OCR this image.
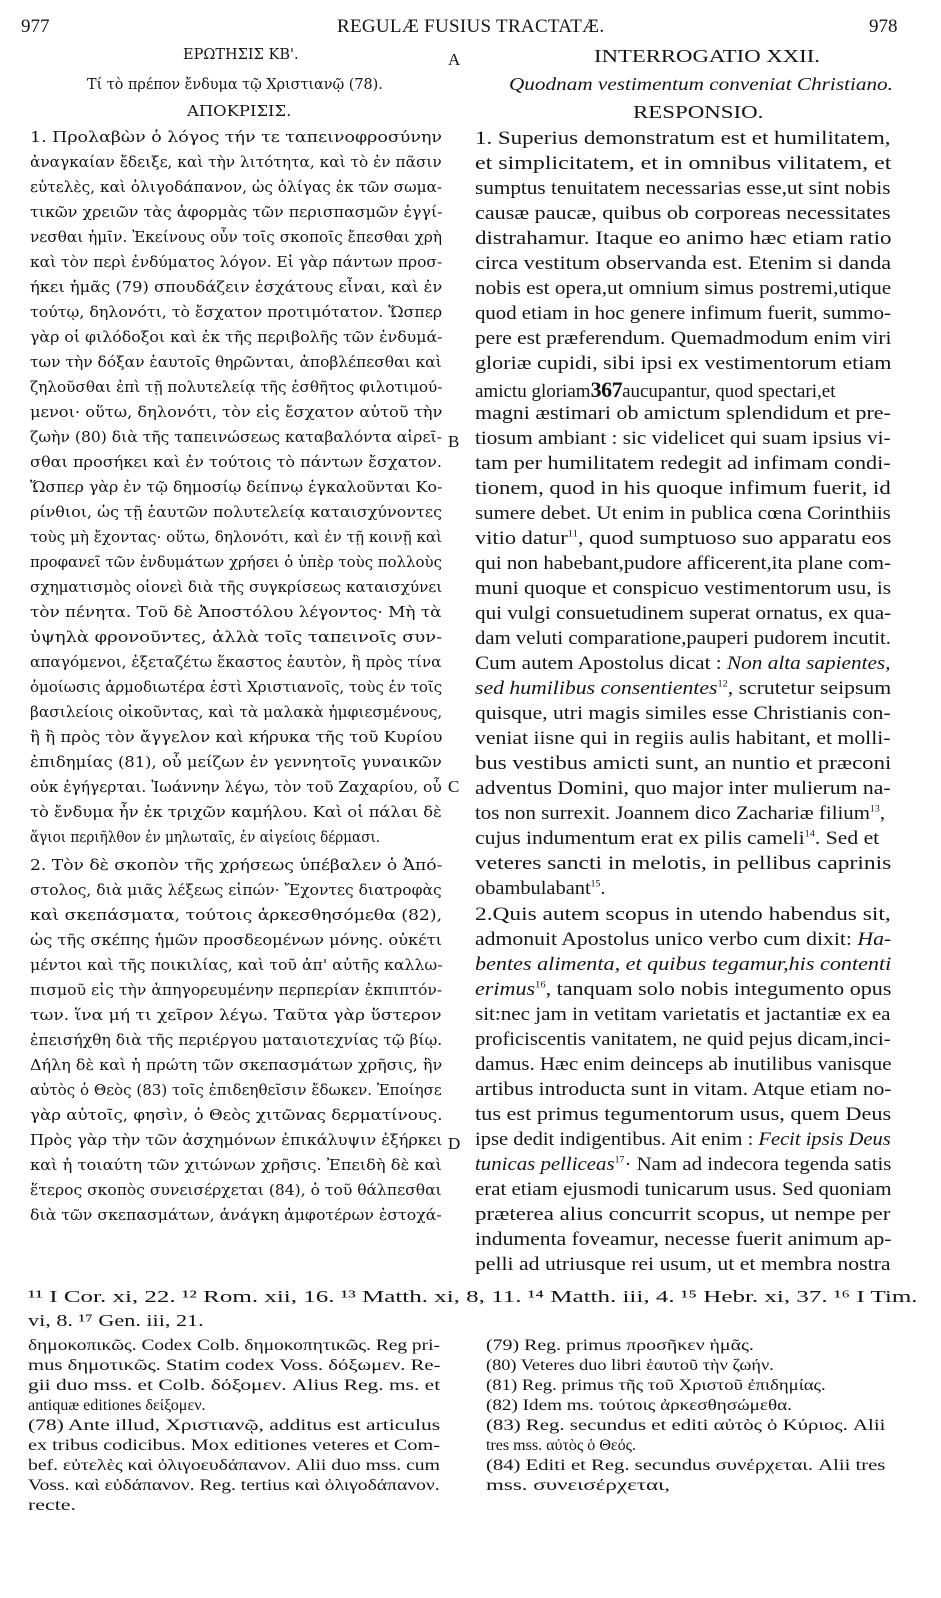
977	REGULÆ FUSIUS TRACTATÆ.	978
ΕΡΩΤΗΣΙΣ ΚΒ'.
Τί τὸ πρέπον ἔνδυμα τῷ Χριστιανῷ (78).
ΑΠΟΚΡΙΣΙΣ.
INTERROGATIO XXII.
Quodnam vestimentum conveniat Christiano.
RESPONSIO.
A
B
C
D
1. Προλαβὼν ὁ λόγος τήν τε ταπεινοφροσύνην
ἀναγκαίαν ἔδειξε, καὶ τὴν λιτότητα, καὶ τὸ ἐν πᾶσιν
εὐτελὲς, καὶ ὀλιγοδάπανον, ὡς ὀλίγας ἐκ τῶν σωμα-
τικῶν χρειῶν τὰς ἀφορμὰς τῶν περισπασμῶν ἐγγί-
νεσθαι ἡμῖν. Ἐκείνους οὖν τοῖς σκοποῖς ἔπεσθαι χρὴ
καὶ τὸν περὶ ἐνδύματος λόγον. Εἰ γὰρ πάντων προσ-
ήκει ἡμᾶς (79) σπουδάζειν ἐσχάτους εἶναι, καὶ ἐν
τούτῳ, δηλονότι, τὸ ἔσχατον προτιμότατον. Ὥσπερ
γὰρ οἱ φιλόδοξοι καὶ ἐκ τῆς περιβολῆς τῶν ἐνδυμά-
των τὴν δόξαν ἑαυτοῖς θηρῶνται, ἀποβλέπεσθαι καὶ
ζηλοῦσθαι ἐπὶ τῇ πολυτελείᾳ τῆς ἐσθῆτος φιλοτιμού-
μενοι· οὕτω, δηλονότι, τὸν εἰς ἔσχατον αὑτοῦ τὴν
ζωὴν (80) διὰ τῆς ταπεινώσεως καταβαλόντα αἱρεῖ-
σθαι προσήκει καὶ ἐν τούτοις τὸ πάντων ἔσχατον.
Ὥσπερ γὰρ ἐν τῷ δημοσίῳ δείπνῳ ἐγκαλοῦνται Κο-
ρίνθιοι, ὡς τῇ ἑαυτῶν πολυτελείᾳ καταισχύνοντες
τοὺς μὴ ἔχοντας· οὕτω, δηλονότι, καὶ ἐν τῇ κοινῇ καὶ
προφανεῖ τῶν ἐνδυμάτων χρήσει ὁ ὑπὲρ τοὺς πολλοὺς
σχηματισμὸς οἱονεὶ διὰ τῆς συγκρίσεως καταισχύνει
τὸν πένητα. Τοῦ δὲ Ἀποστόλου λέγοντος· Μὴ τὰ
ὑψηλὰ φρονοῦντες, ἀλλὰ τοῖς ταπεινοῖς συν-
απαγόμενοι, ἐξεταζέτω ἕκαστος ἑαυτὸν, ἢ πρὸς τίνα
ὁμοίωσις ἁρμοδιωτέρα ἐστὶ Χριστιανοῖς, τοὺς ἐν τοῖς
βασιλείοις οἰκοῦντας, καὶ τὰ μαλακὰ ἠμφιεσμένους,
ἢ ἢ πρὸς τὸν ἄγγελον καὶ κήρυκα τῆς τοῦ Κυρίου
ἐπιδημίας (81), οὗ μείζων ἐν γεννητοῖς γυναικῶν
οὐκ ἐγήγερται. Ἰωάννην λέγω, τὸν τοῦ Ζαχαρίου, οὗ
τὸ ἔνδυμα ἦν ἐκ τριχῶν καμήλου. Καὶ οἱ πάλαι δὲ
ἅγιοι περιῆλθον ἐν μηλωταῖς, ἐν αἰγείοις δέρμασι.
2. Τὸν δὲ σκοπὸν τῆς χρήσεως ὑπέβαλεν ὁ Ἀπό-
στολος, διὰ μιᾶς λέξεως εἰπών· Ἔχοντες διατροφὰς
καὶ σκεπάσματα, τούτοις ἀρκεσθησόμεθα (82),
ὡς τῆς σκέπης ἡμῶν προσδεομένων μόνης. οὐκέτι
μέντοι καὶ τῆς ποικιλίας, καὶ τοῦ ἀπ' αὐτῆς καλλω-
πισμοῦ εἰς τὴν ἀπηγορευμένην περπερίαν ἐκπιπτόν-
των. ἵνα μή τι χεῖρον λέγω. Ταῦτα γὰρ ὕστερον
ἐπεισήχθη διὰ τῆς περιέργου ματαιοτεχνίας τῷ βίῳ.
Δήλη δὲ καὶ ἡ πρώτη τῶν σκεπασμάτων χρῆσις, ἣν
αὐτὸς ὁ Θεὸς (83) τοῖς ἐπιδεηθεῖσιν ἔδωκεν. Ἐποίησε
γὰρ αὐτοῖς, φησὶν, ὁ Θεὸς χιτῶνας δερματίνους.
Πρὸς γὰρ τὴν τῶν ἀσχημόνων ἐπικάλυψιν ἐξήρκει
καὶ ἡ τοιαύτη τῶν χιτώνων χρῆσις. Ἐπειδὴ δὲ καὶ
ἕτερος σκοπὸς συνεισέρχεται (84), ὁ τοῦ θάλπεσθαι
διὰ τῶν σκεπασμάτων, ἀνάγκη ἀμφοτέρων ἐστοχά-
1. Superius demonstratum est et humilitatem,
et simplicitatem, et in omnibus vilitatem, et
sumptus tenuitatem necessarias esse,ut sint nobis
causæ paucæ, quibus ob corporeas necessitates
distrahamur. Itaque eo animo hæc etiam ratio
circa vestitum observanda est. Etenim si danda
nobis est opera,ut omnium simus postremi,utique
quod etiam in hoc genere infimum fuerit, summo-
pere est præferendum. Quemadmodum enim viri
gloriæ cupidi, sibi ipsi ex vestimentorum etiam
amictu gloriam367aucupantur, quod spectari,et
magni æstimari ob amictum splendidum et pre-
tiosum ambiant : sic videlicet qui suam ipsius vi-
tam per humilitatem redegit ad infimam condi-
tionem, quod in his quoque infimum fuerit, id
sumere debet. Ut enim in publica cœna Corinthiis
vitio datur$^{11}$, quod sumptuoso suo apparatu eos
qui non habebant,pudore afficerent,ita plane com-
muni quoque et conspicuo vestimentorum usu, is
qui vulgi consuetudinem superat ornatus, ex qua-
dam veluti comparatione,pauperi pudorem incutit.
Cum autem Apostolus dicat : Non alta sapientes,
sed humilibus consentientes$^{12}$, scrutetur seipsum
quisque, utri magis similes esse Christianis con-
veniat iisne qui in regiis aulis habitant, et molli-
bus vestibus amicti sunt, an nuntio et præconi
adventus Domini, quo major inter mulierum na-
tos non surrexit. Joannem dico Zachariæ filium$^{13}$,
cujus indumentum erat ex pilis cameli$^{14}$. Sed et
veteres sancti in melotis, in pellibus caprinis
obambulabant$^{15}$.
2.Quis autem scopus in utendo habendus sit,
admonuit Apostolus unico verbo cum dixit: Ha-
bentes alimenta, et quibus tegamur,his contenti
erimus$^{16}$, tanquam solo nobis integumento opus
sit:nec jam in vetitam varietatis et jactantiæ ex ea
proficiscentis vanitatem, ne quid pejus dicam,inci-
damus. Hæc enim deinceps ab inutilibus vanisque
artibus introducta sunt in vitam. Atque etiam no-
tus est primus tegumentorum usus, quem Deus
ipse dedit indigentibus. Ait enim : Fecit ipsis Deus
tunicas pelliceas$^{17}$· Nam ad indecora tegenda satis
erat etiam ejusmodi tunicarum usus. Sed quoniam
præterea alius concurrit scopus, ut nempe per
indumenta foveamur, necesse fuerit animum ap-
pelli ad utriusque rei usum, ut et membra nostra
¹¹ I Cor. xi, 22. ¹² Rom. xii, 16. ¹³ Matth. xi, 8, 11. ¹⁴ Matth. iii, 4. ¹⁵ Hebr. xi, 37. ¹⁶ I Tim.
vi, 8. ¹⁷ Gen. iii, 21.
δημοκοπικῶς. Codex Colb. δημοκοπητικῶς. Reg pri-
mus δημοτικῶς. Statim codex Voss. δόξωμεν. Re-
gii duo mss. et Colb. δόξομεν. Alius Reg. ms. et
antiquæ editiones δείξομεν.
(78) Ante illud, Χριστιανῷ, additus est articulus
ex tribus codicibus. Mox editiones veteres et Com-
bef. εὐτελὲς καὶ ὀλιγοευδάπανον. Alii duo mss. cum
Voss. καὶ εὐδάπανον. Reg. tertius καὶ ὀλιγοδάπανον.
recte.
(79) Reg. primus προσῆκεν ἡμᾶς.
(80) Veteres duo libri ἑαυτοῦ τὴν ζωήν.
(81) Reg. primus τῆς τοῦ Χριστοῦ ἐπιδημίας.
(82) Idem ms. τούτοις ἀρκεσθησώμεθα.
(83) Reg. secundus et editi αὐτὸς ὁ Κύριος. Alii
tres mss. αὐτὸς ὁ Θεός.
(84) Editi et Reg. secundus συνέρχεται. Alii tres
mss. συνεισέρχεται,
